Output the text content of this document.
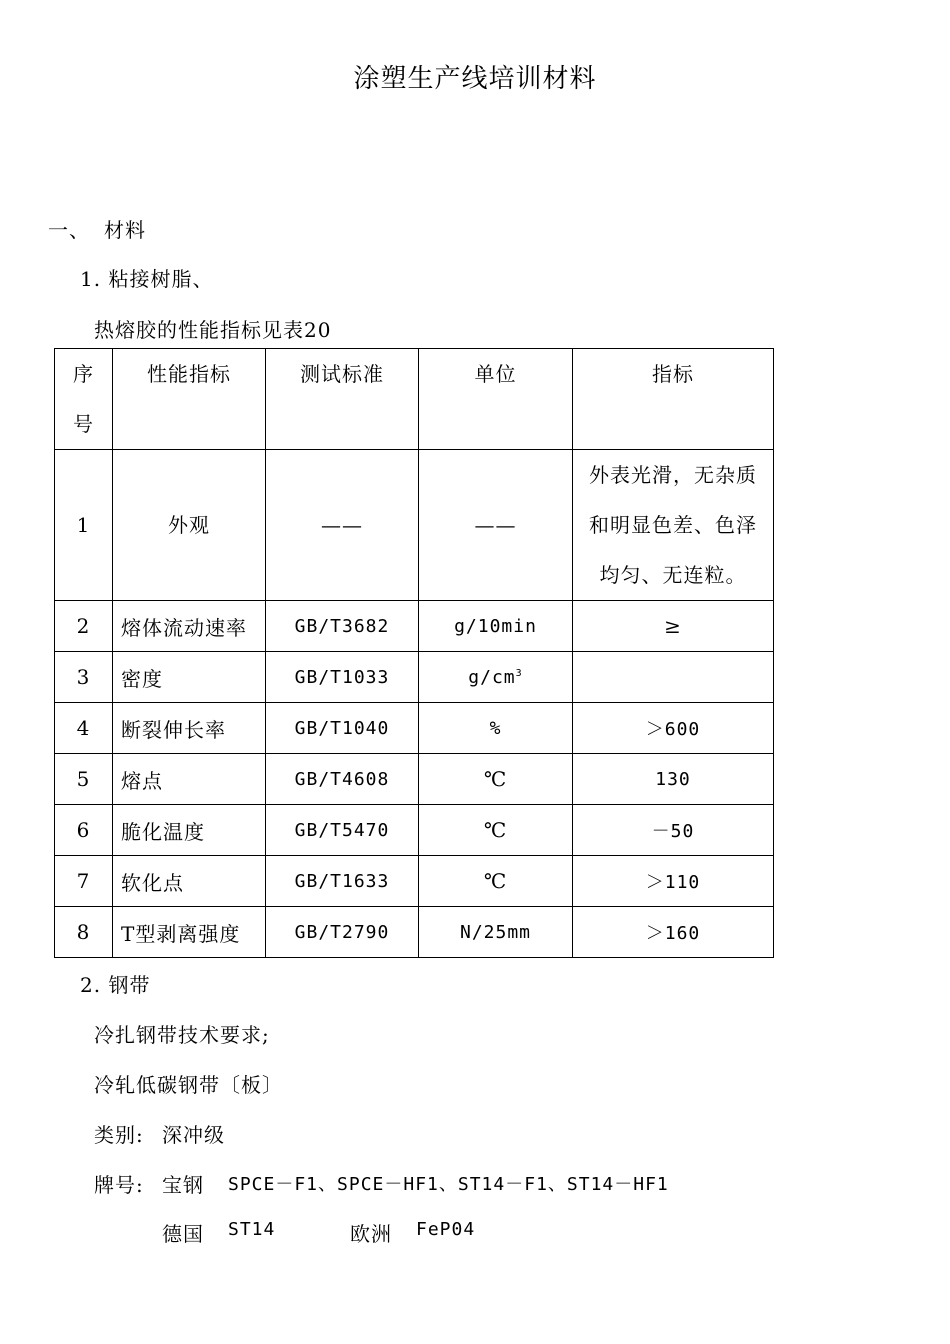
涂塑生产线培训材料
一、 材料
1. 粘接树脂、
热熔胶的性能指标见表20
序
号	性能指标	测试标准	单位	指标
1	外观	——	——	外表光滑，无杂质
和明显色差、色泽
均匀、无连粒。
2	熔体流动速率	GB/T3682	g/10min	≥
3	密度	GB/T1033	$g/cm^3$	
4	断裂伸长率	GB/T1040	%	＞600
5	熔点	GB/T4608	℃	130
6	脆化温度	GB/T5470	℃	－50
7	软化点	GB/T1633	℃	＞110
8	T型剥离强度	GB/T2790	N/25mm	＞160
2. 钢带
冷扎钢带技术要求;
冷轧低碳钢带〔板〕
类别: 深冲级
牌号: 宝钢 SPCE－F1、SPCE－HF1、ST14－F1、ST14－HF1
德国 ST14	欧洲 FeP04
